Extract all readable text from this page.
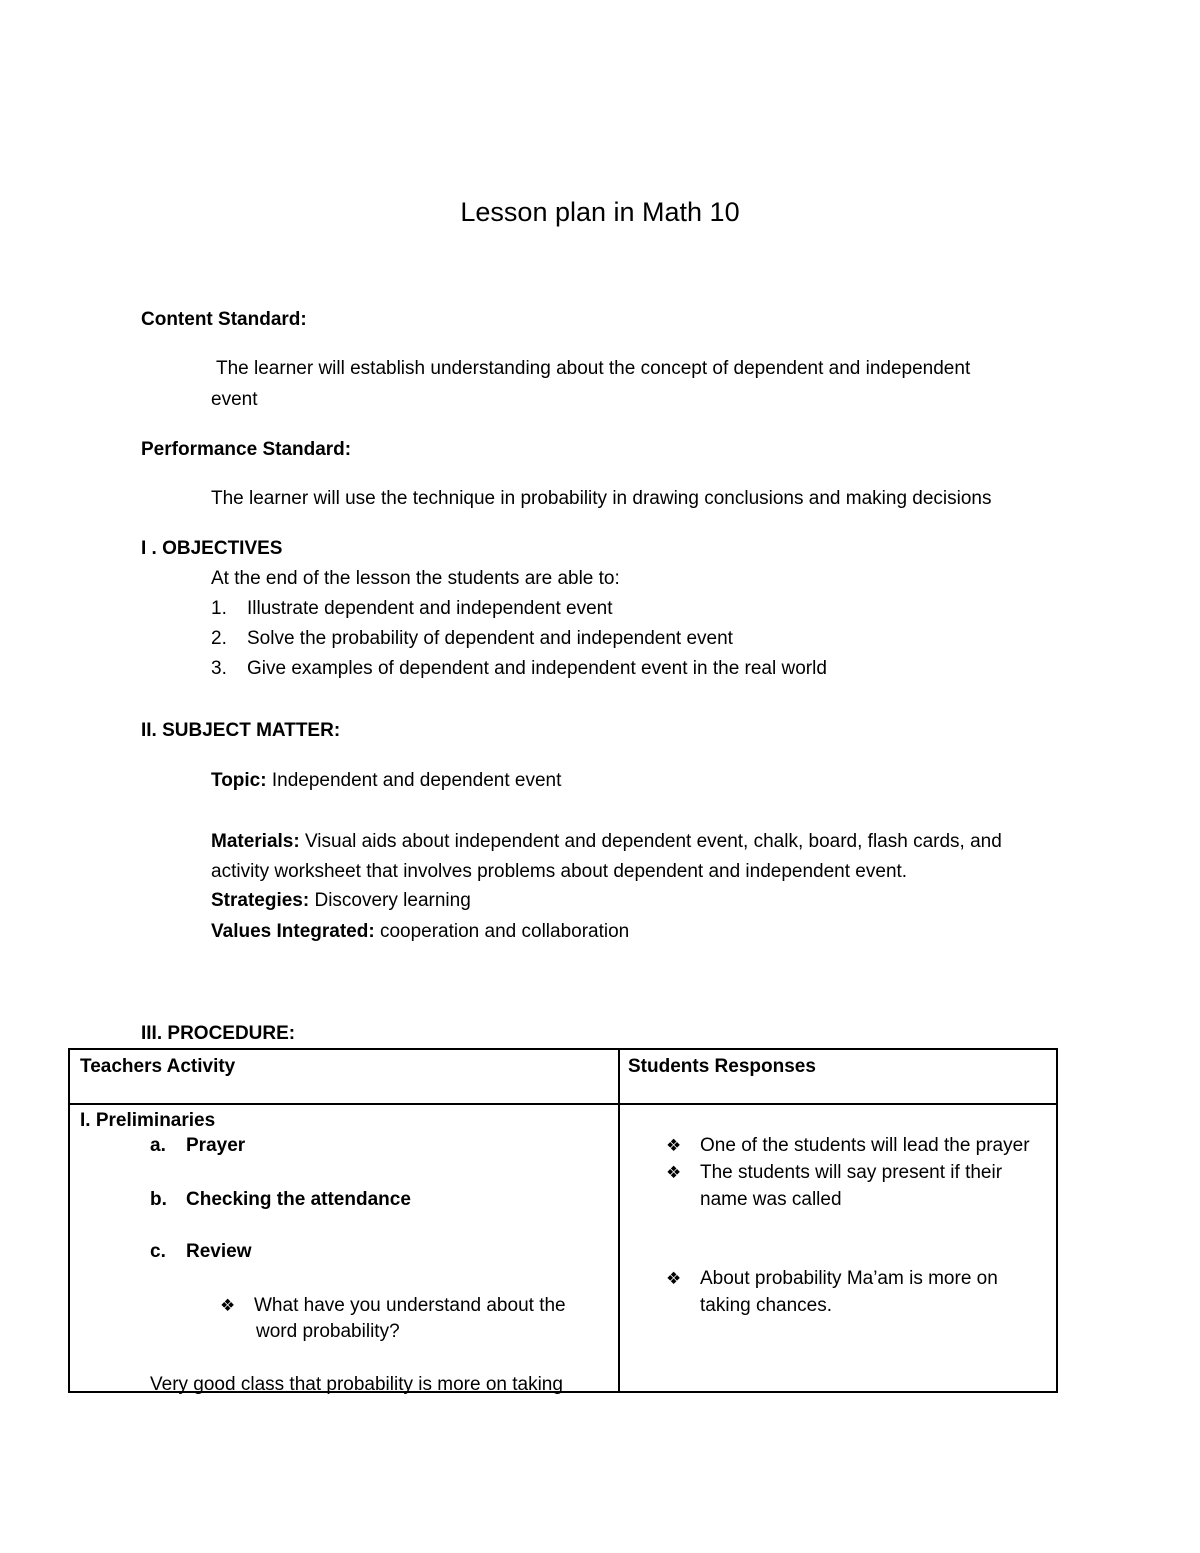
Lesson plan in Math 10
Content Standard:
The learner will establish understanding about the concept of dependent and independent
event
Performance Standard:
The learner will use the technique in probability in drawing conclusions and making decisions
I . OBJECTIVES
At the end of the lesson the students are able to:
1. Illustrate dependent and independent event
2. Solve the probability of dependent and independent event
3. Give examples of dependent and independent event in the real world
II. SUBJECT MATTER:
Topic: Independent and dependent event
Materials: Visual aids about independent and dependent event, chalk, board, flash cards, and
activity worksheet that involves problems about dependent and independent event.
Strategies: Discovery learning
Values Integrated: cooperation and collaboration
III. PROCEDURE:
Teachers Activity	Students Responses
I. Preliminaries
a. Prayer
b. Checking the attendance
c. Review
❖ What have you understand about the
word probability?
Very good class that probability is more on taking
❖ One of the students will lead the prayer
❖ The students will say present if their
name was called
❖ About probability Ma’am is more on
taking chances.
